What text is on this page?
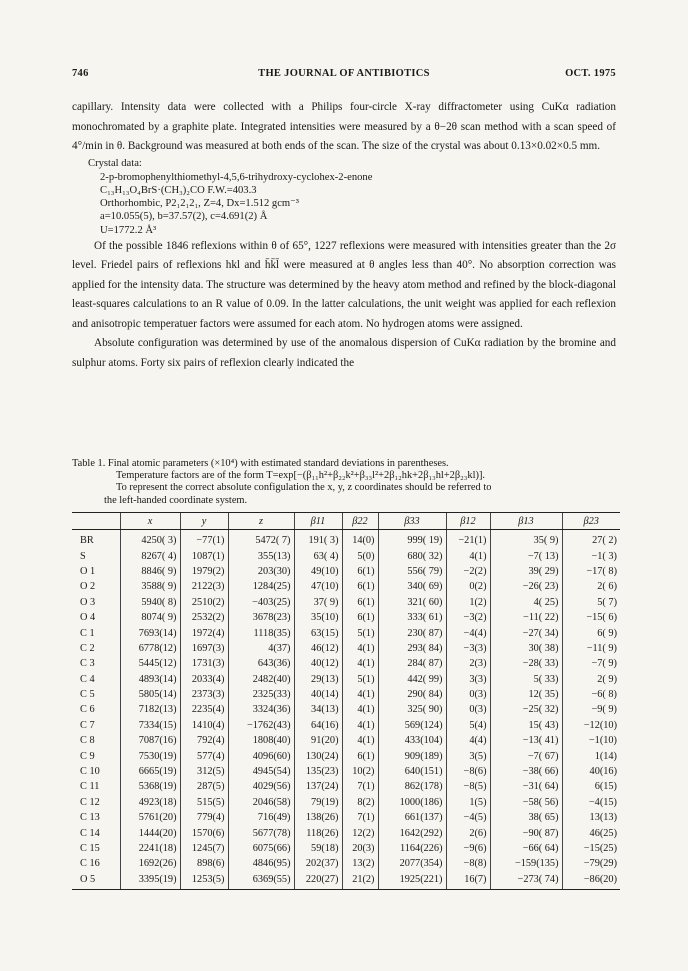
746	THE JOURNAL OF ANTIBIOTICS	OCT. 1975

capillary. Intensity data were collected with a Philips four-circle X-ray diffractometer using CuKα radiation monochromated by a graphite plate. Integrated intensities were measured by a θ−2θ scan method with a scan speed of 4°/min in θ. Background was measured at both ends of the scan. The size of the crystal was about 0.13×0.02×0.5 mm.

Crystal data:
2-p-bromophenylthiomethyl-4,5,6-trihydroxy-cyclohex-2-enone
C₁₃H₁₃O₄BrS·(CH₃)₂CO F.W.=403.3
Orthorhombic, P2₁2₁2₁, Z=4, Dx=1.512 gcm⁻³
a=10.055(5), b=37.57(2), c=4.691(2) Å
U=1772.2 Å³

Of the possible 1846 reflexions within θ of 65°, 1227 reflexions were measured with intensities greater than the 2σ level. Friedel pairs of reflexions hkl and h̄k̄l̄ were measured at θ angles less than 40°. No absorption correction was applied for the intensity data. The structure was determined by the heavy atom method and refined by the block-diagonal least-squares calculations to an R value of 0.09. In the latter calculations, the unit weight was applied for each reflexion and anisotropic temperatuer factors were assumed for each atom. No hydrogen atoms were assigned.

Absolute configuration was determined by use of the anomalous dispersion of CuKα radiation by the bromine and sulphur atoms. Forty six pairs of reflexion clearly indicated the

Table 1. Final atomic parameters (×10⁴) with estimated standard deviations in parentheses.
Temperature factors are of the form T=exp[−(β₁₁h²+β₂₂k²+β₃₃l²+2β₁₂hk+2β₁₃hl+2β₂₃kl)].
To represent the correct absolute configulation the x, y, z coordinates should be referred to
the left-handed coordinate system.
	x	y	z	β11	β22	β33	β12	β13	β23
BR	4250( 3)	−77(1)	5472( 7)	191( 3)	14(0)	999( 19)	−21(1)	35( 9)	27( 2)
S	8267( 4)	1087(1)	355(13)	63( 4)	5(0)	680( 32)	4(1)	−7( 13)	−1( 3)
O 1	8846( 9)	1979(2)	203(30)	49(10)	6(1)	556( 79)	−2(2)	39( 29)	−17( 8)
O 2	3588( 9)	2122(3)	1284(25)	47(10)	6(1)	340( 69)	0(2)	−26( 23)	2( 6)
O 3	5940( 8)	2510(2)	−403(25)	37( 9)	6(1)	321( 60)	1(2)	4( 25)	5( 7)
O 4	8074( 9)	2532(2)	3678(23)	35(10)	6(1)	333( 61)	−3(2)	−11( 22)	−15( 6)
C 1	7693(14)	1972(4)	1118(35)	63(15)	5(1)	230( 87)	−4(4)	−27( 34)	6( 9)
C 2	6778(12)	1697(3)	4(37)	46(12)	4(1)	293( 84)	−3(3)	30( 38)	−11( 9)
C 3	5445(12)	1731(3)	643(36)	40(12)	4(1)	284( 87)	2(3)	−28( 33)	−7( 9)
C 4	4893(14)	2033(4)	2482(40)	29(13)	5(1)	442( 99)	3(3)	5( 33)	2( 9)
C 5	5805(14)	2373(3)	2325(33)	40(14)	4(1)	290( 84)	0(3)	12( 35)	−6( 8)
C 6	7182(13)	2235(4)	3324(36)	34(13)	4(1)	325( 90)	0(3)	−25( 32)	−9( 9)
C 7	7334(15)	1410(4)	−1762(43)	64(16)	4(1)	569(124)	5(4)	15( 43)	−12(10)
C 8	7087(16)	792(4)	1808(40)	91(20)	4(1)	433(104)	4(4)	−13( 41)	−1(10)
C 9	7530(19)	577(4)	4096(60)	130(24)	6(1)	909(189)	3(5)	−7( 67)	1(14)
C 10	6665(19)	312(5)	4945(54)	135(23)	10(2)	640(151)	−8(6)	−38( 66)	40(16)
C 11	5368(19)	287(5)	4029(56)	137(24)	7(1)	862(178)	−8(5)	−31( 64)	6(15)
C 12	4923(18)	515(5)	2046(58)	79(19)	8(2)	1000(186)	1(5)	−58( 56)	−4(15)
C 13	5761(20)	779(4)	716(49)	138(26)	7(1)	661(137)	−4(5)	38( 65)	13(13)
C 14	1444(20)	1570(6)	5677(78)	118(26)	12(2)	1642(292)	2(6)	−90( 87)	46(25)
C 15	2241(18)	1245(7)	6075(66)	59(18)	20(3)	1164(226)	−9(6)	−66( 64)	−15(25)
C 16	1692(26)	898(6)	4846(95)	202(37)	13(2)	2077(354)	−8(8)	−159(135)	−79(29)
O 5	3395(19)	1253(5)	6369(55)	220(27)	21(2)	1925(221)	16(7)	−273( 74)	−86(20)
